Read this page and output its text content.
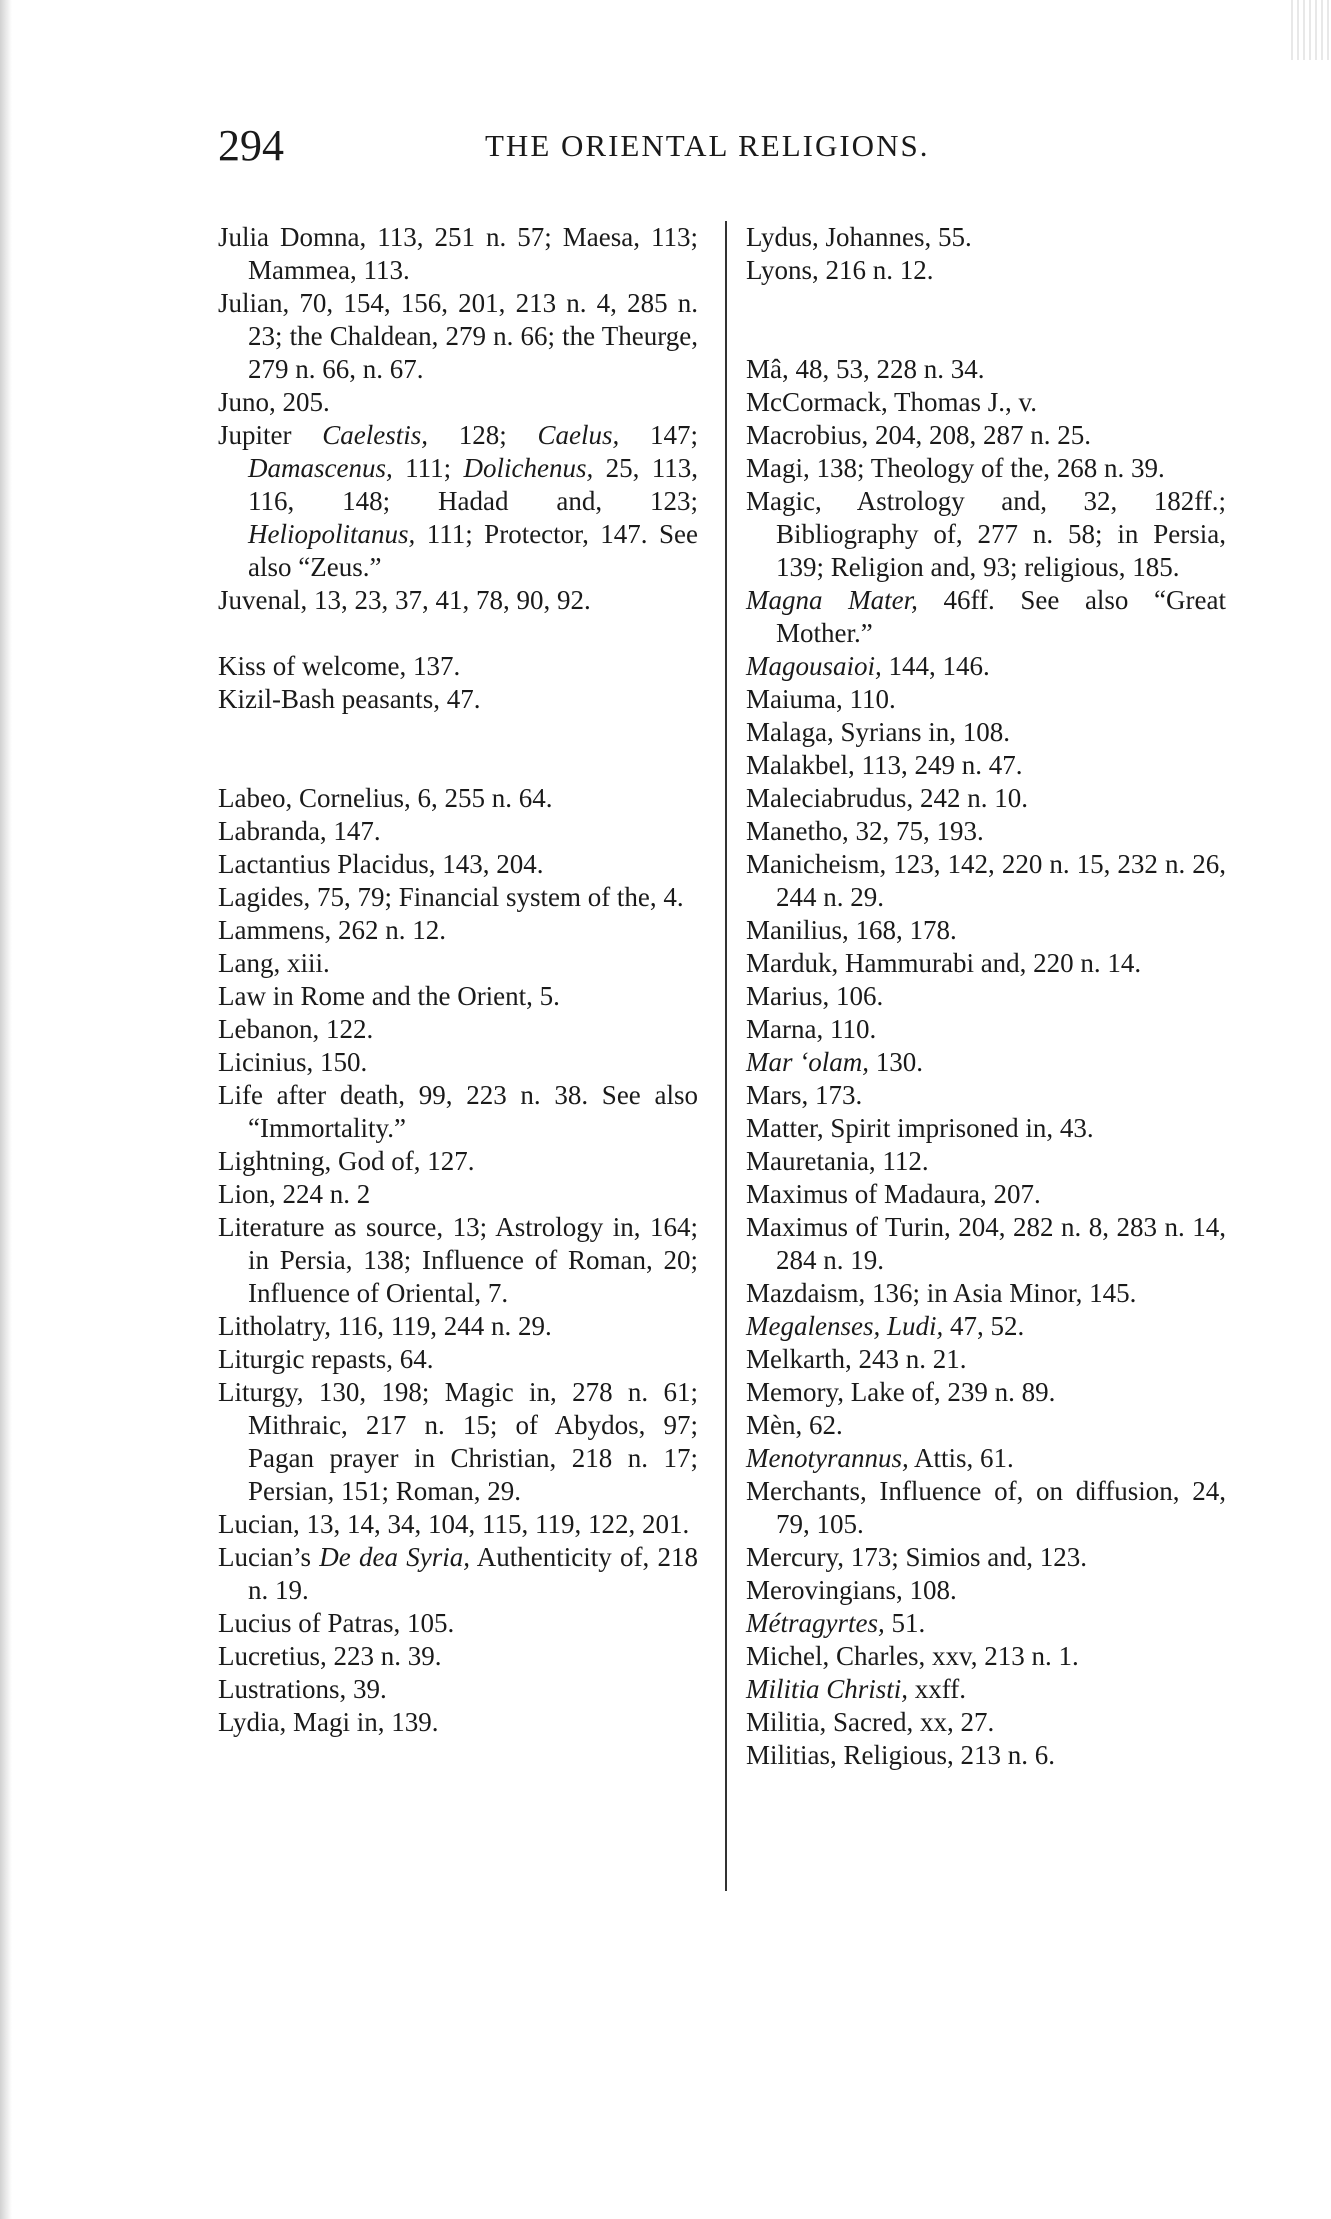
294	THE ORIENTAL RELIGIONS.
Julia Domna, 113, 251 n. 57; Maesa, 113; Mammea, 113.
Julian, 70, 154, 156, 201, 213 n. 4, 285 n. 23; the Chaldean, 279 n. 66; the Theurge, 279 n. 66, n. 67.
Juno, 205.
Jupiter Caelestis, 128; Caelus, 147; Damascenus, 111; Dolichenus, 25, 113, 116, 148; Hadad and, 123; Heliopolitanus, 111; Protector, 147. See also “Zeus.”
Juvenal, 13, 23, 37, 41, 78, 90, 92.
Kiss of welcome, 137.
Kizil-Bash peasants, 47.
Labeo, Cornelius, 6, 255 n. 64.
Labranda, 147.
Lactantius Placidus, 143, 204.
Lagides, 75, 79; Financial system of the, 4.
Lammens, 262 n. 12.
Lang, xiii.
Law in Rome and the Orient, 5.
Lebanon, 122.
Licinius, 150.
Life after death, 99, 223 n. 38. See also “Immortality.”
Lightning, God of, 127.
Lion, 224 n. 2
Literature as source, 13; Astrology in, 164; in Persia, 138; Influence of Roman, 20; Influence of Oriental, 7.
Litholatry, 116, 119, 244 n. 29.
Liturgic repasts, 64.
Liturgy, 130, 198; Magic in, 278 n. 61; Mithraic, 217 n. 15; of Abydos, 97; Pagan prayer in Christian, 218 n. 17; Persian, 151; Roman, 29.
Lucian, 13, 14, 34, 104, 115, 119, 122, 201.
Lucian’s De dea Syria, Authenticity of, 218 n. 19.
Lucius of Patras, 105.
Lucretius, 223 n. 39.
Lustrations, 39.
Lydia, Magi in, 139.
Lydus, Johannes, 55.
Lyons, 216 n. 12.
Mâ, 48, 53, 228 n. 34.
McCormack, Thomas J., v.
Macrobius, 204, 208, 287 n. 25.
Magi, 138; Theology of the, 268 n. 39.
Magic, Astrology and, 32, 182ff.; Bibliography of, 277 n. 58; in Persia, 139; Religion and, 93; religious, 185.
Magna Mater, 46ff. See also “Great Mother.”
Magousaioi, 144, 146.
Maiuma, 110.
Malaga, Syrians in, 108.
Malakbel, 113, 249 n. 47.
Maleciabrudus, 242 n. 10.
Manetho, 32, 75, 193.
Manicheism, 123, 142, 220 n. 15, 232 n. 26, 244 n. 29.
Manilius, 168, 178.
Marduk, Hammurabi and, 220 n. 14.
Marius, 106.
Marna, 110.
Mar ‘olam, 130.
Mars, 173.
Matter, Spirit imprisoned in, 43.
Mauretania, 112.
Maximus of Madaura, 207.
Maximus of Turin, 204, 282 n. 8, 283 n. 14, 284 n. 19.
Mazdaism, 136; in Asia Minor, 145.
Megalenses, Ludi, 47, 52.
Melkarth, 243 n. 21.
Memory, Lake of, 239 n. 89.
Mèn, 62.
Menotyrannus, Attis, 61.
Merchants, Influence of, on diffusion, 24, 79, 105.
Mercury, 173; Simios and, 123.
Merovingians, 108.
Métragyrtes, 51.
Michel, Charles, xxv, 213 n. 1.
Militia Christi, xxff.
Militia, Sacred, xx, 27.
Militias, Religious, 213 n. 6.
